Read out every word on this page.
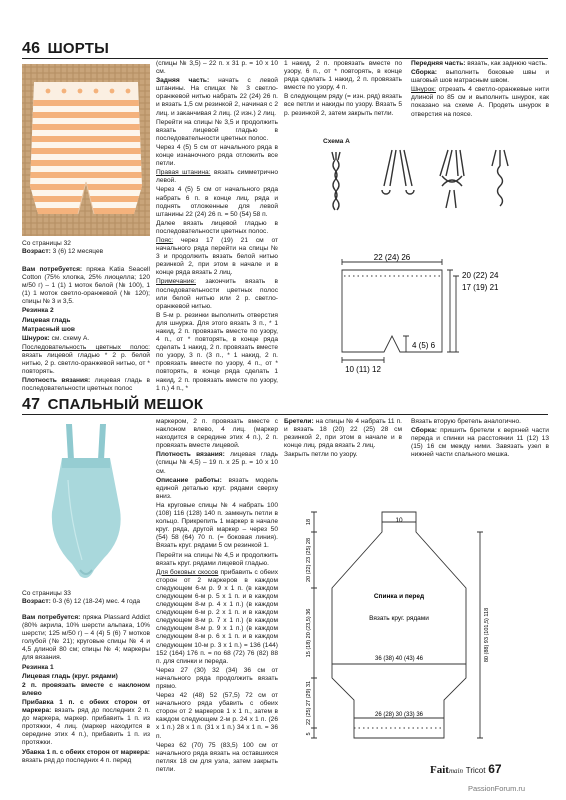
46 ШОРТЫ
Со страницы 32
Возраст: 3 (6) 12 месяцев

Вам потребуется: пряжа Katia Seacell Cotton (75% хлопка, 25% лиоцелла; 120 м/50 г) – 1 (1) 1 моток белой (№ 100), 1 (1) 1 моток светло-оранжевой (№ 120); спицы № 3 и 3,5.

Резинка 2

Лицевая гладь

Матрасный шов

Шнурок: см. схему А.

Последовательность цветных полос: вязать лицевой гладью * 2 р. белой нитью, 2 р. светло-оранжевой нитью, от * повторять.

Плотность вязания: лицевая гладь в последовательности цветных полос

(спицы № 3,5) – 22 п. х 31 р. = 10 х 10 см.

Задняя часть: начать с левой штанины. На спицах № 3 светло-оранжевой нитью набрать 22 (24) 26 п. и вязать 1,5 см резинкой 2, начиная с 2 лиц. и заканчивая 2 лиц. (2 изн.) 2 лиц.

Перейти на спицы № 3,5 и продолжить вязать лицевой гладью в последовательности цветных полос.

Через 4 (5) 5 см от начального ряда в конце изнаночного ряда отложить все петли.

Правая штанина: вязать симметрично левой.

Через 4 (5) 5 см от начального ряда набрать 6 п. в конце лиц. ряда и поднять отложенные для левой штанины 22 (24) 26 п. = 50 (54) 58 п.

Далее вязать лицевой гладью в последовательности цветных полос.

Пояс: через 17 (19) 21 см от начального ряда перейти на спицы № 3 и продолжить вязать белой нитью резинкой 2, при этом в начале и в конце ряда вязать 2 лиц.

Примечание: закончить вязать в последовательности цветных полос или белой нитью или 2 р. светло-оранжевой нитью.

В 5-м р. резинки выполнить отверстия для шнурка. Для этого вязать 3 п., * 1 накид, 2 п. провязать вместе по узору, 4 п., от * повторять, в конце ряда сделать 1 накид, 2 п. провязать вместе по узору, 3 п. (3 п., * 1 накид, 2 п. провязать вместе по узору, 4 п., от * повторять, в конце ряда сделать 1 накид, 2 п. провязать вместе по узору, 1 п.) 4 п., *

1 накид, 2 п. провязать вместе по узору, 6 п., от * повторять, в конце ряда сделать 1 накид, 2 п. провязать вместе по узору, 4 п.

В следующем ряду (= изн. ряд) вязать все петли и накиды по узору. Вязать 5 р. резинкой 2, затем закрыть петли.

Передняя часть: вязать, как заднюю часть.

Сборка: выполнить боковые швы и шаговый шов матрасным швом.

Шнурок: отрезать 4 светло-оранжевые нити длиной по 85 см и выполнить шнурок, как показано на схеме А. Продеть шнурок в отверстия на поясе.

Схема А
22 (24) 26
20 (22) 24
17 (19) 21
4 (5) 6
10 (11) 12
47 СПАЛЬНЫЙ МЕШОК
Со страницы 33
Возраст: 0-3 (6) 12 (18-24) мес. 4 года

Вам потребуется: пряжа Plassard Addict (80% акрила, 10% шерсти альпака, 10% шерсти; 125 м/50 г) – 4 (4) 5 (6) 7 мотков голубой (№ 21); круговые спицы № 4 и 4,5 длиной 80 см; спицы № 4; маркеры для вязания.

Резинка 1

Лицевая гладь (круг. рядами)

2 п. провязать вместе с наклоном влево

Прибавка 1 п. с обеих сторон от маркера: вязать ряд до последних 2 п. до маркера, маркер. прибавить 1 п. из протяжки, 4 лиц. (маркер находится в середине этих 4 п.), прибавить 1 п. из протяжки.

Убавка 1 п. с обеих сторон от маркера: вязать ряд до последних 4 п. перед

маркером, 2 п. провязать вместе с наклоном влево, 4 лиц. (маркер находится в середине этих 4 п.), 2 п. провязать вместе лицевой.

Плотность вязания: лицевая гладь (спицы № 4,5) – 19 п. х 25 р. = 10 х 10 см.

Описание работы: вязать модель единой деталью круг. рядами сверху вниз.

На круговые спицы № 4 набрать 100 (108) 116 (128) 140 п. замкнуть петли в кольцо. Прикрепить 1 маркер в начале круг. ряда, другой маркер – через 50 (54) 58 (64) 70 п. (= боковая линия). Вязать круг. рядами 5 см резинкой 1.

Перейти на спицы № 4,5 и продолжить вязать круг. рядами лицевой гладью.

Для боковых скосов прибавить с обеих сторон от 2 маркеров в каждом следующем 6-м р. 9 х 1 п. (в каждом следующем 6-м р. 5 х 1 п. и в каждом следующем 8-м р. 4 х 1 п.) (в каждом следующем 6-м р. 2 х 1 п. и в каждом следующем 8-м р. 7 х 1 п.) (в каждом следующем 8-м р. 9 х 1 п.) (в каждом следующем 8-м р. 6 х 1 п. и в каждом следующем 10-м р. 3 х 1 п.) = 136 (144) 152 (164) 176 п. = по 68 (72) 76 (82) 88 п. для спинки и переда.

Через 27 (30) 32 (34) 36 см от начального ряда продолжить вязать прямо.

Через 42 (48) 52 (57,5) 72 см от начального ряда убавить с обеих сторон от 2 маркеров 1 х 1 п., затем в каждом следующем 2-м р. 24 х 1 п. (26 х 1 п.) 28 х 1 п. (31 х 1 п.) 34 х 1 п. = 36 п.

Через 62 (70) 75 (83,5) 100 см от начального ряда вязать на оставшихся петлях 18 см для узла, затем закрыть петли.

Бретели: на спицы № 4 набрать 11 п. и вязать 18 (20) 22 (25) 28 см резинкой 2, при этом в начале и в конце лиц. ряда вязать 2 лиц.

Закрыть петли по узору.

Вязать вторую бретель аналогично.

Сборка: пришить бретели к верхней части переда и спинки на расстоянии 11 (12) 13 (15) 16 см между ними. Завязать узел в нижней части спального мешка.

10
Спинка и перед
Вязать круг. рядами
36 (38) 40 (43) 46
26 (28) 30 (33) 36
18
20 (22) 23 (25) 28
15 (18) 20 (23,5) 36
22 (25) 27 (29) 31
5
80 (88) 93 (101,5) 118
Faitmain Tricot 67
PassionForum.ru
